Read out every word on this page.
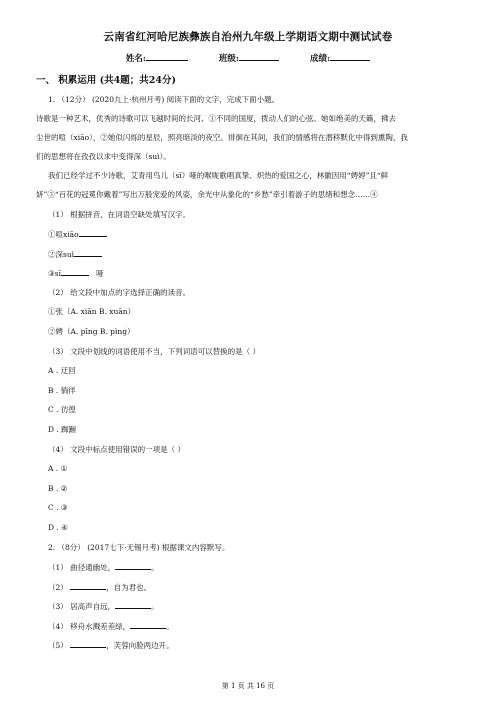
云南省红河哈尼族彝族自治州九年级上学期语文期中测试试卷
姓名:	班级:	成绩:
一、 积累运用 (共4题；共24分)
1. （12分） (2020九上·杭州月考) 阅读下面的文字，完成下面小题。
诗歌是一种艺术，优秀的诗歌可以飞越时间的长河、①不同的国度，拨动人们的心弦。她如绝美的天籁，拂去
尘世的喧（xiāo），②她似闪烁的星辰，照亮暗淡的夜空。徘徊在其间，我们的情感将在潜移默化中得到熏陶，我
们的思想将在孜孜以求中变得深（suì）。
我们已经学过不少诗歌，艾青用鸟儿（sī）哑的喉咙歌唱真挚、炽热的爱国之心，林徽因用“娉婷”且“鲜
妍”③“百花的冠冕你戴着”写出万般宠爱的风姿，余光中从象化的“乡愁”牵引着游子的思绪和想念……④
（1） 根据拼音，在词语空缺处填写汉字。
①喧xiāo
②深suì
③sī	哑
（2） 给文段中加点的字选择正确的读音。
①张（A. xiān B. xuān）
②娉（A. pīng B. pìng）
（3） 文段中划线的词语使用不当，下列词语可以替换的是（ ）
A . 迂回
B . 徜徉
C . 彷徨
D . 踟蹰
（4） 文段中标点使用错误的一项是（ ）
A . ①
B . ②
C . ③
D . ④
2. （8分） (2017七下·无锡月考) 根据课文内容默写。
（1） 曲径通幽处，	。
（2）	，自为君也。
（3） 居高声自远，	。
（4） 移舟水溅差差绿，	。
（5）	，芙蓉向脸两边开。
第 1 页 共 16 页
